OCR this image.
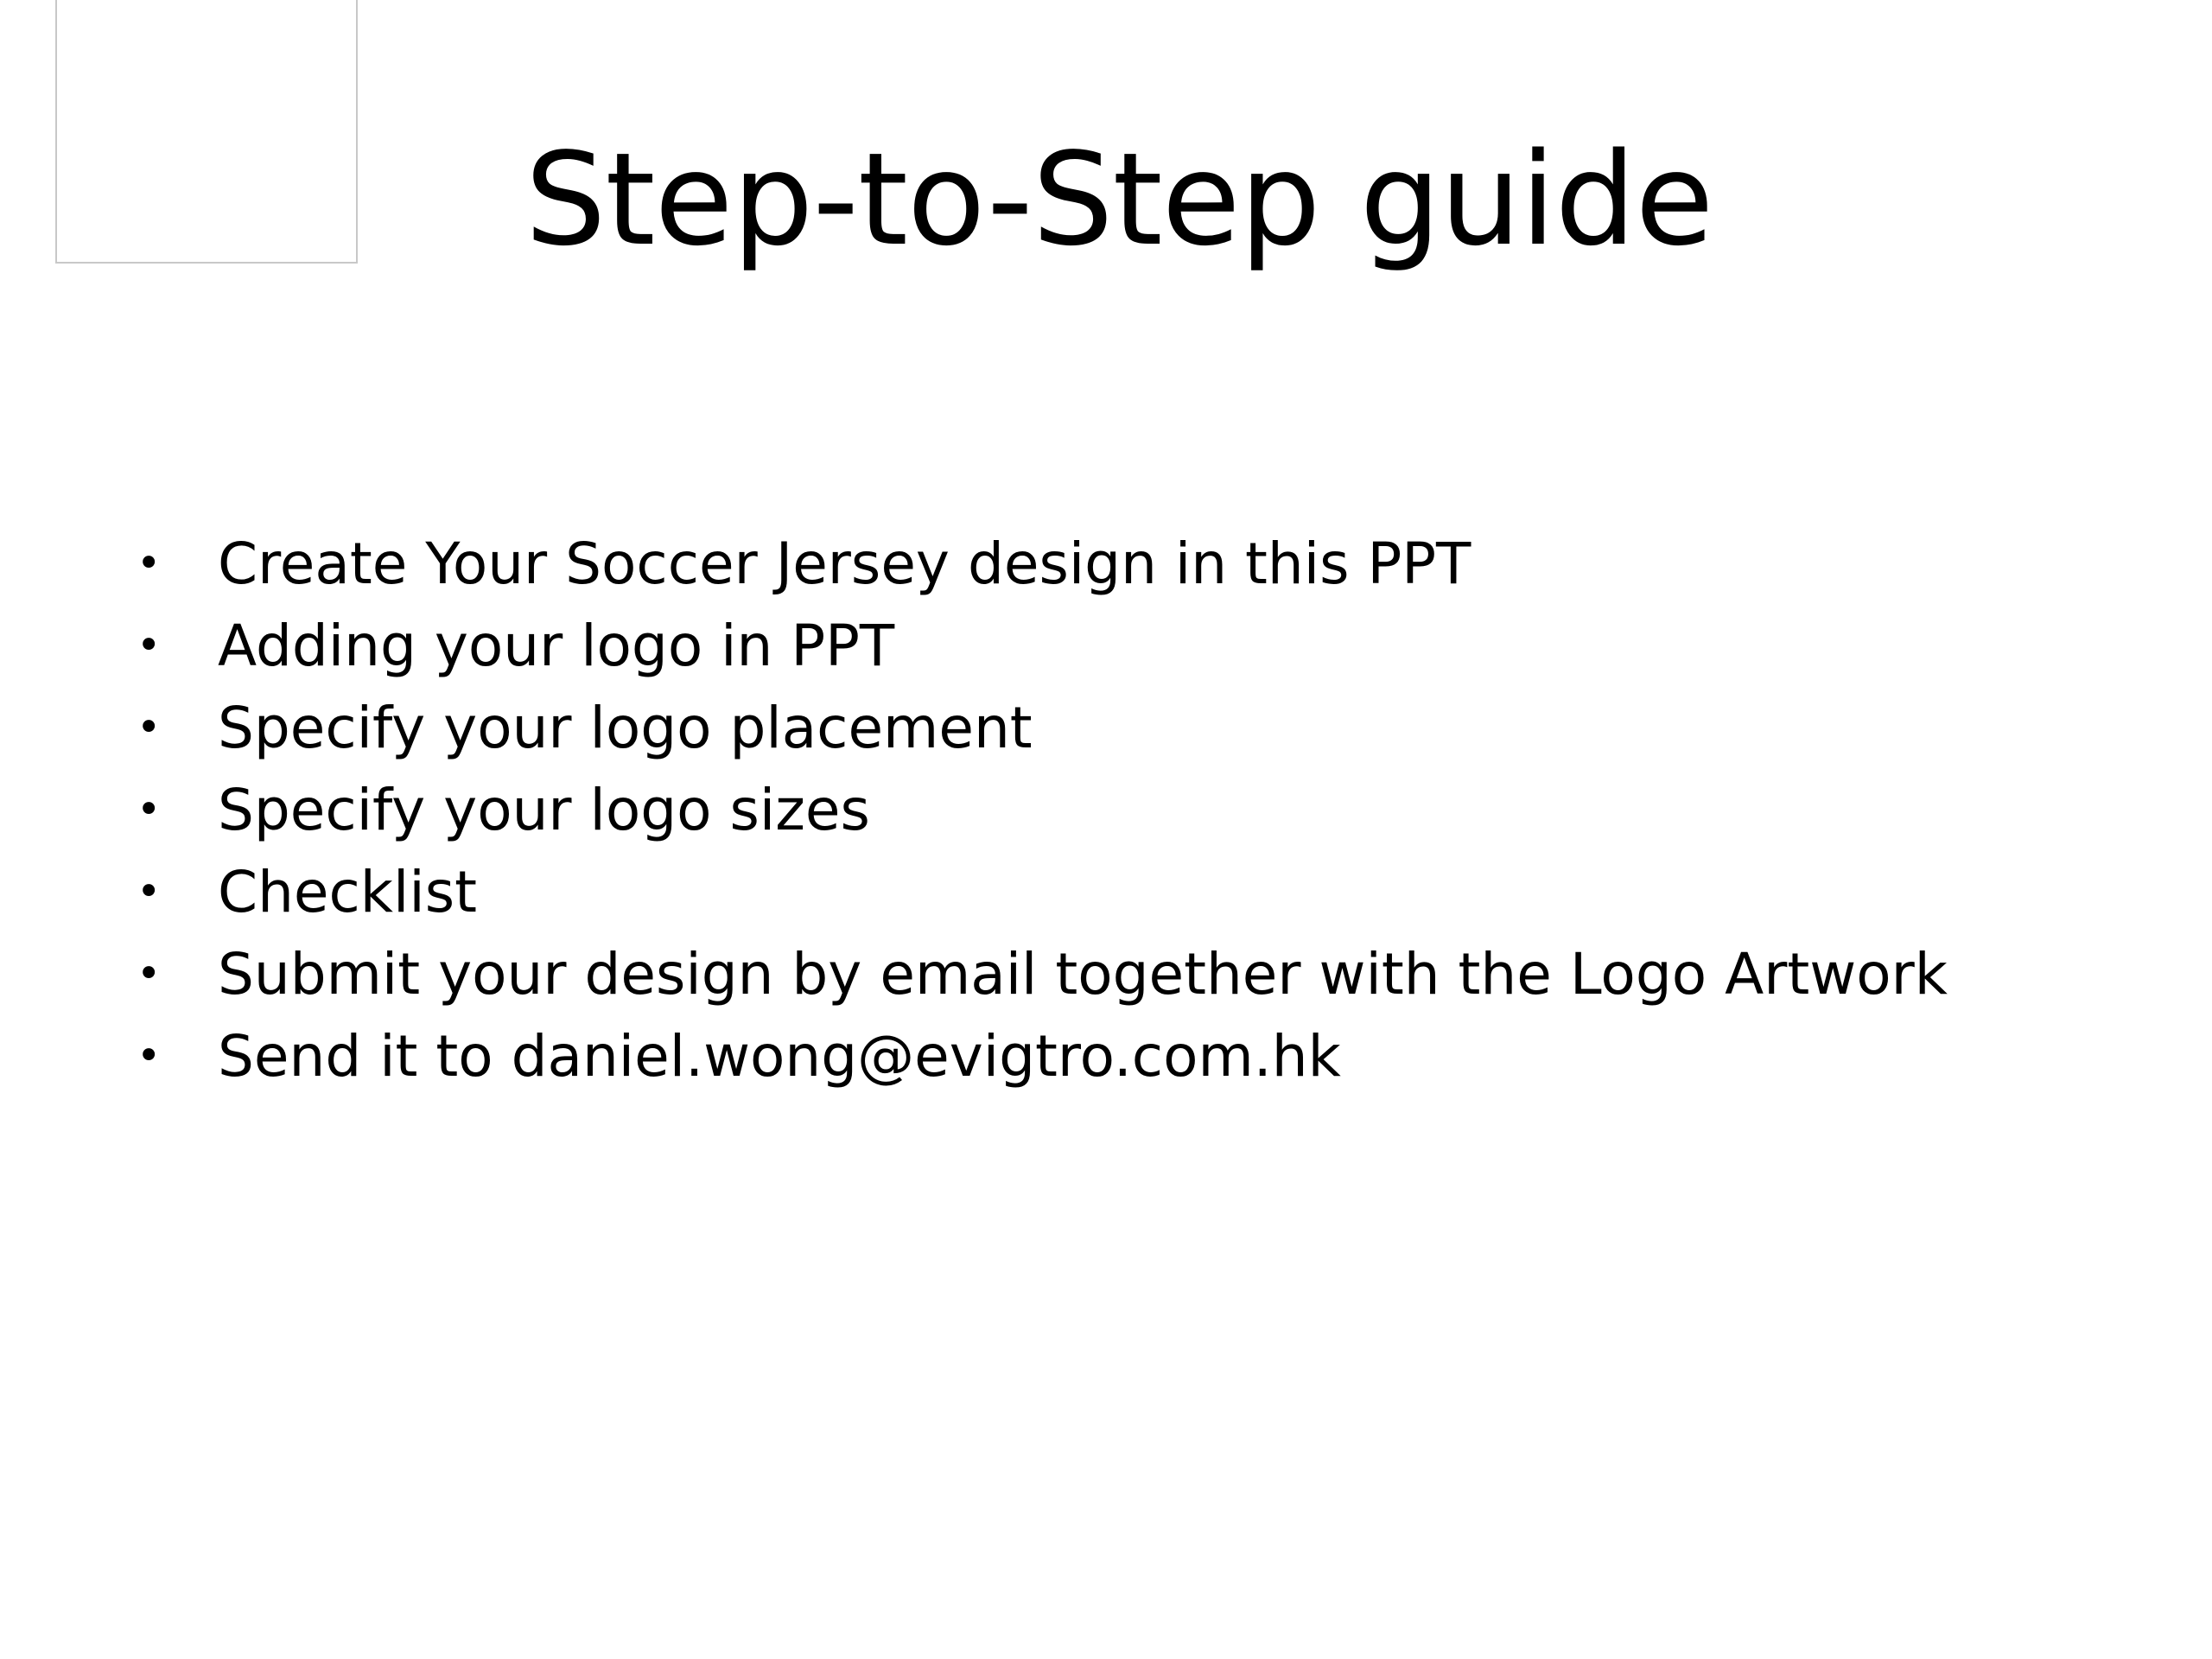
Step-to-Step guide
• Create Your Soccer Jersey design in this PPT
• Adding your logo in PPT
• Specify your logo placement
• Specify your logo sizes
• Checklist
• Submit your design by email together with the Logo Artwork
• Send it to daniel.wong@evigtro.com.hk
